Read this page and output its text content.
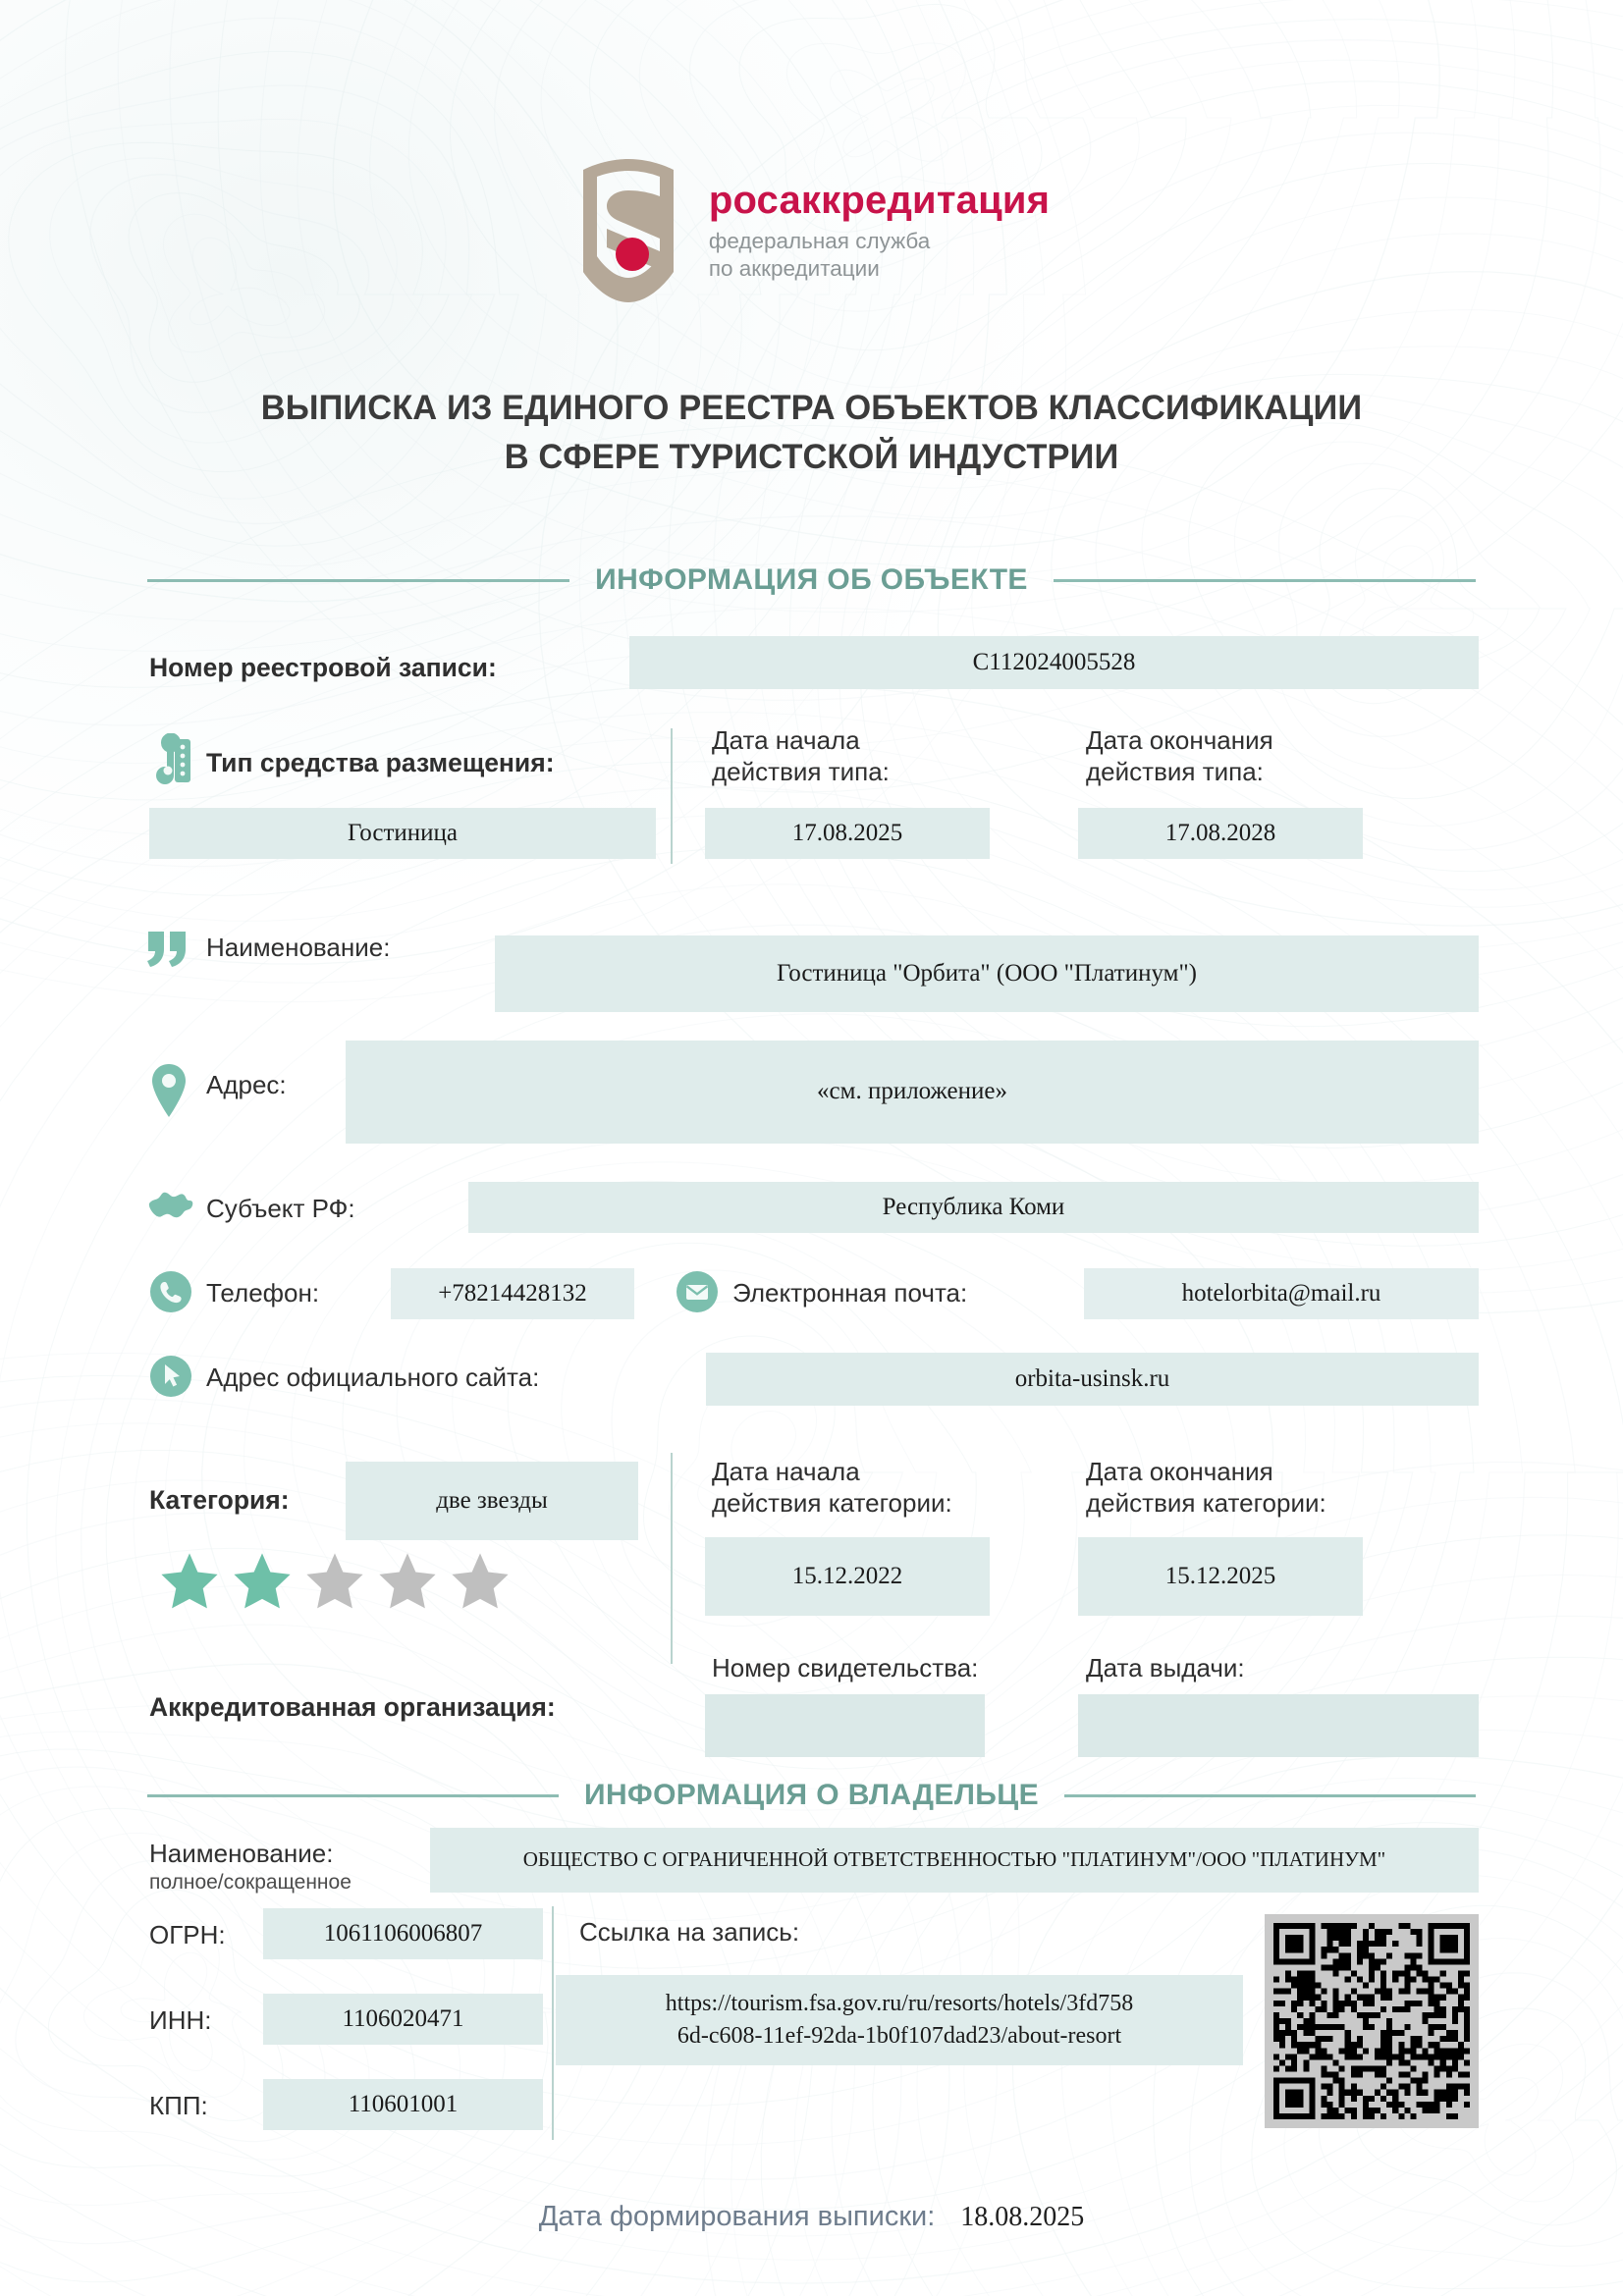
росаккредитация
федеральная служба
по аккредитации
ВЫПИСКА ИЗ ЕДИНОГО РЕЕСТРА ОБЪЕКТОВ КЛАССИФИКАЦИИ
В СФЕРЕ ТУРИСТСКОЙ ИНДУСТРИИ
ИНФОРМАЦИЯ ОБ ОБЪЕКТЕ
Номер реестровой записи:	C112024005528
Тип средства размещения:
Гостиница
Дата начала
действия типа:
17.08.2025
Дата окончания
действия типа:
17.08.2028
Наименование:
Гостиница "Орбита" (ООО "Платинум")
Адрес:	«см. приложение»
Субъект РФ:	Республика Коми
Телефон:	+78214428132	Электронная почта:	hotelorbita@mail.ru
Адрес официального сайта:	orbita-usinsk.ru
Категория:	две звезды
Дата начала
действия категории:
15.12.2022
Дата окончания
действия категории:
15.12.2025
Номер свидетельства:	Дата выдачи:
Аккредитованная организация:
ИНФОРМАЦИЯ О ВЛАДЕЛЬЦЕ
Наименование:
полное/сокращенное
ОБЩЕСТВО С ОГРАНИЧЕННОЙ ОТВЕТСТВЕННОСТЬЮ "ПЛАТИНУМ"/ООО "ПЛАТИНУМ"
ОГРН:	1061106006807
ИНН:	1106020471
КПП:	110601001
Ссылка на запись:
https://tourism.fsa.gov.ru/ru/resorts/hotels/3fd758
6d-c608-11ef-92da-1b0f107dad23/about-resort
Дата формирования выписки: 18.08.2025
